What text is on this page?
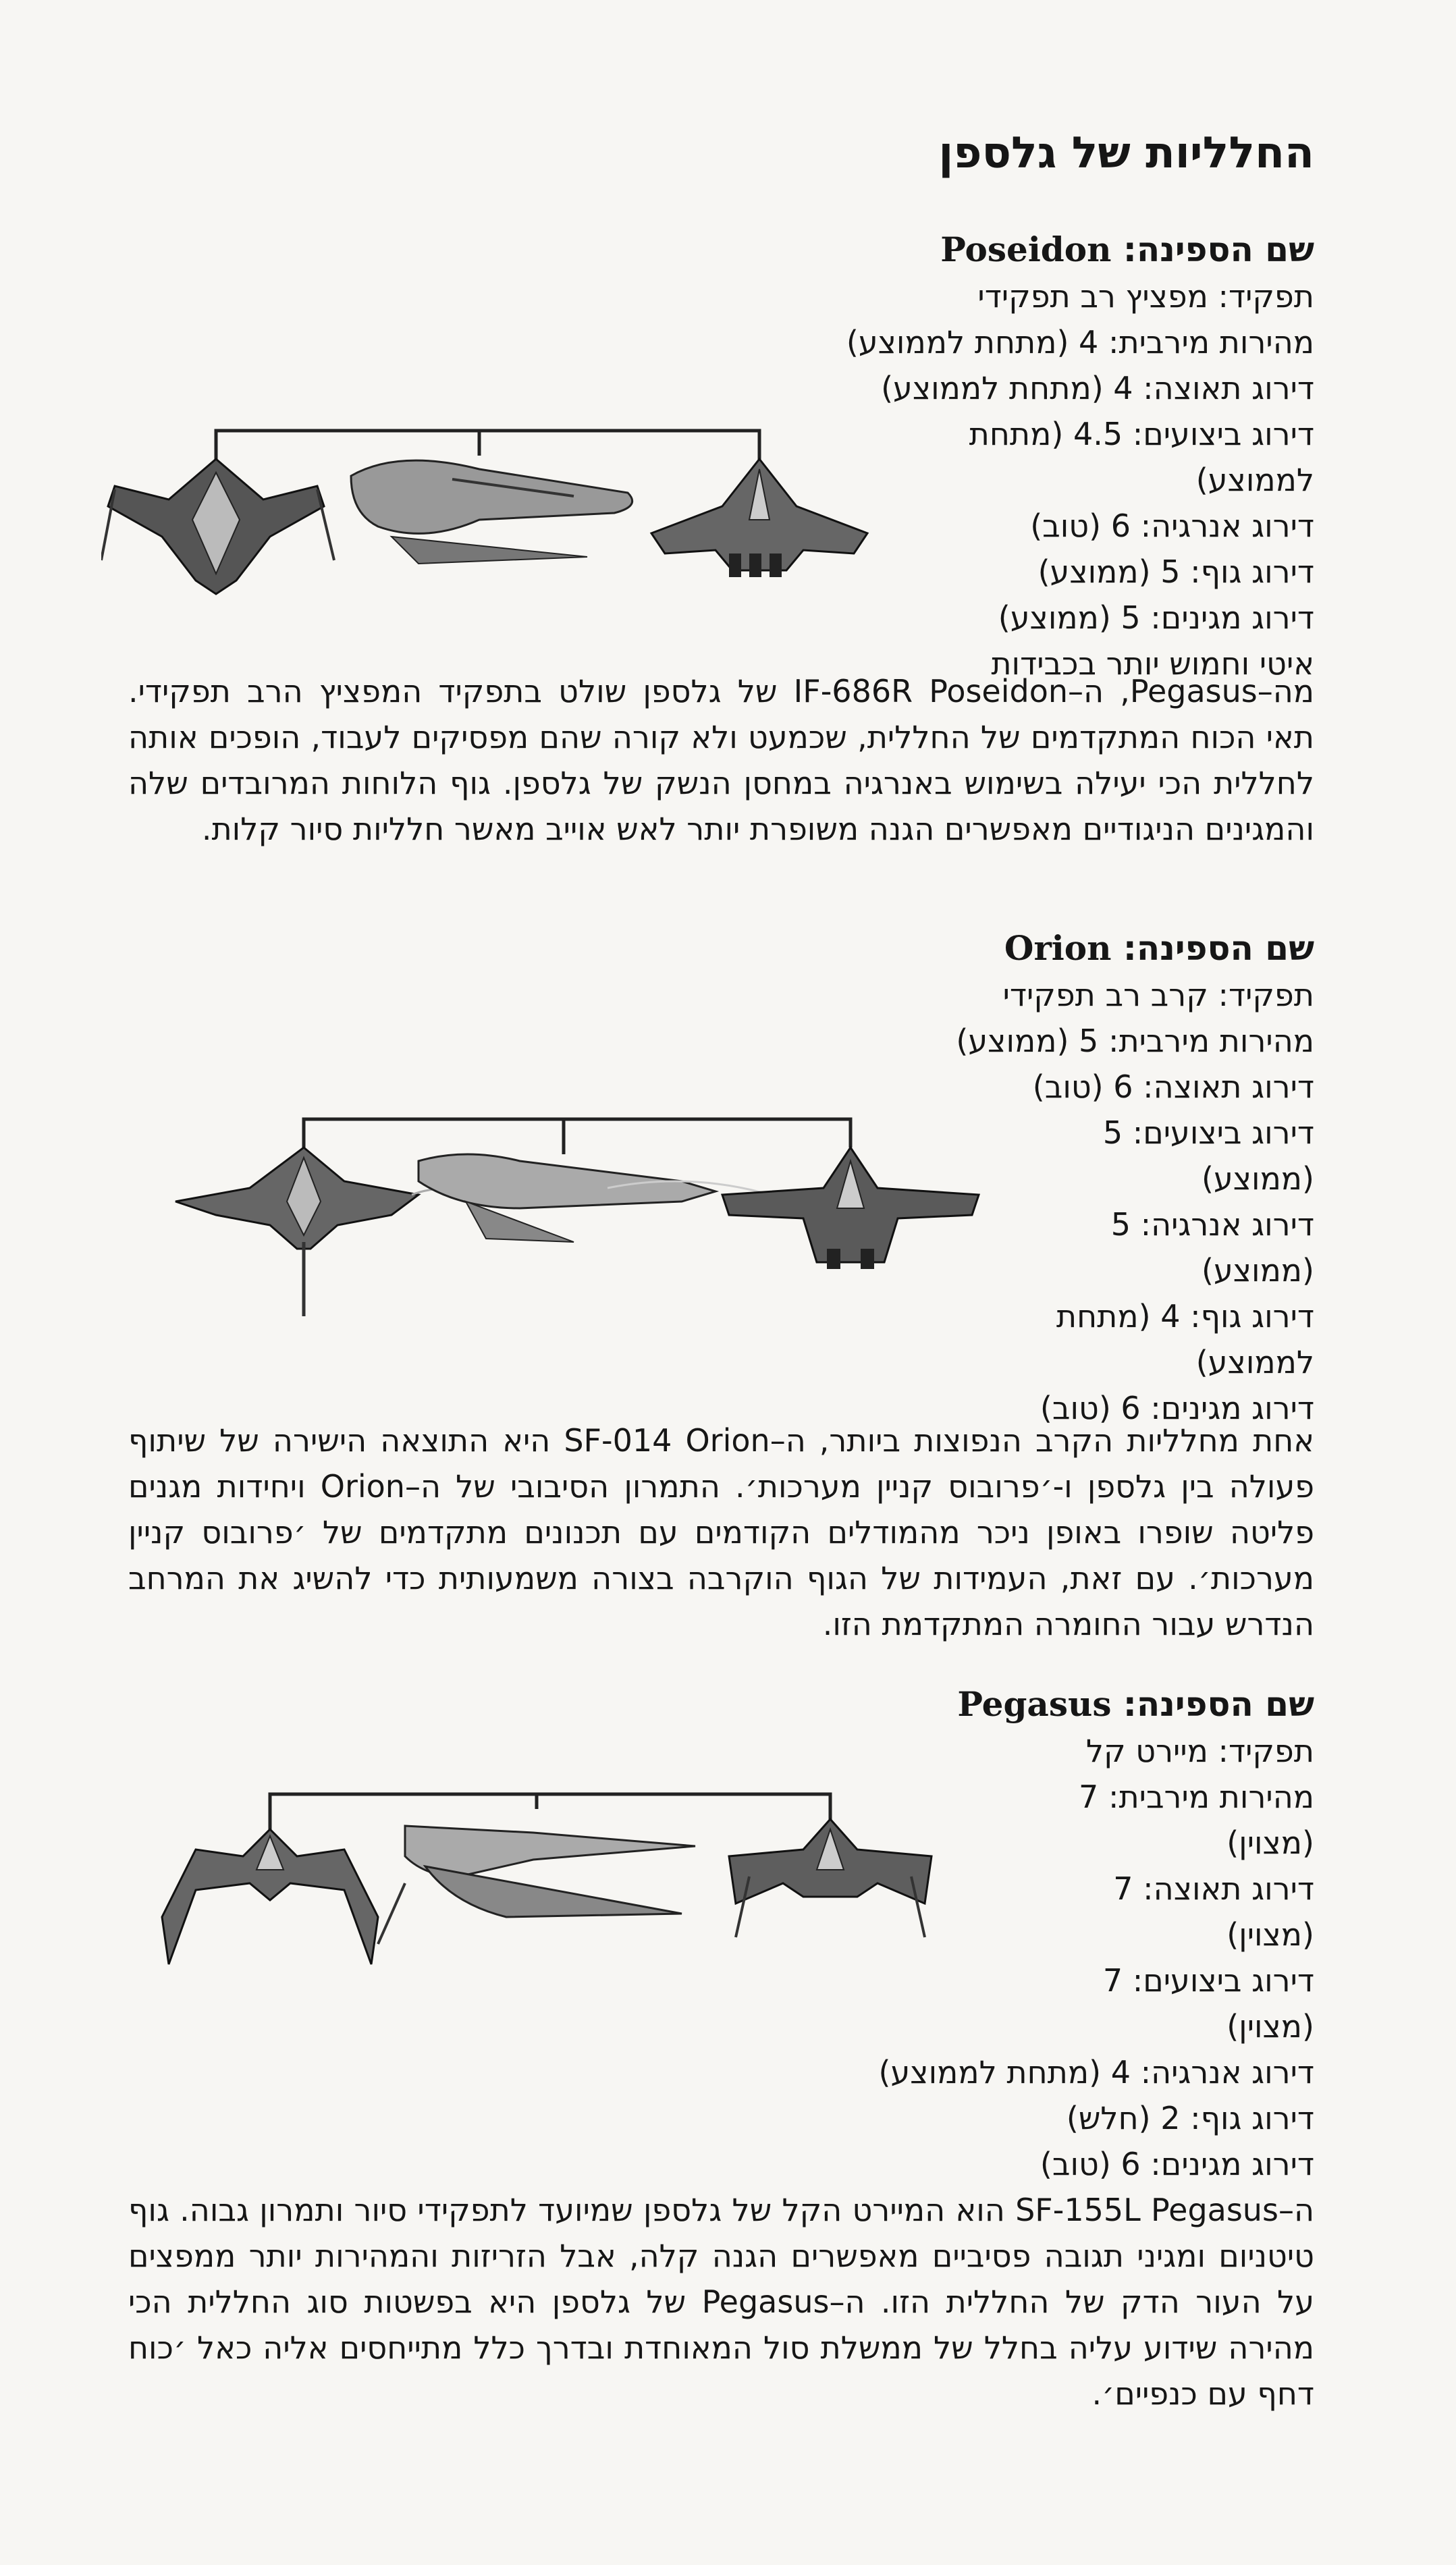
החלליות של גלספן
שם הספינה: Poseidon
תפקיד: מפציץ רב תפקידי
מהירות מירבית: 4 (מתחת לממוצע)
דירוג תאוצה: 4 (מתחת לממוצע)
דירוג ביצועים: 4.5 (מתחת
לממוצע)
דירוג אנרגיה: 6 (טוב)
דירוג גוף: 5 (ממוצע)
דירוג מגינים: 5 (ממוצע)
איטי וחמוש יותר בכבידות

מה–Pegasus, ה–IF-686R Poseidon של גלספן שולט בתפקיד המפציץ הרב תפקידי. תאי הכוח המתקדמים של החללית, שכמעט ולא קורה שהם מפסיקים לעבוד, הופכים אותה לחללית הכי יעילה בשימוש באנרגיה במחסן הנשק של גלספן. גוף הלוחות המרובדים שלה והמגינים הניגודיים מאפשרים הגנה משופרת יותר לאש אוייב מאשר חלליות סיור קלות.

שם הספינה: Orion
תפקיד: קרב רב תפקידי
מהירות מירבית: 5 (ממוצע)
דירוג תאוצה: 6 (טוב)
דירוג ביצועים: 5
(ממוצע)
דירוג אנרגיה: 5
(ממוצע)
דירוג גוף: 4 (מתחת
לממוצע)
דירוג מגינים: 6 (טוב)

אחת מחלליות הקרב הנפוצות ביותר, ה–SF-014 Orion היא התוצאה הישירה של שיתוף פעולה בין גלספן ו-׳פרובוס קניין מערכות׳. התמרון הסיבובי של ה–Orion ויחידות מגנים פליטה שופרו באופן ניכר מהמודלים הקודמים עם תכנונים מתקדמים של ׳פרובוס קניין מערכות׳. עם זאת, העמידות של הגוף הוקרבה בצורה משמעותית כדי להשיג את המרחב הנדרש עבור החומרה המתקדמת הזו.

שם הספינה: Pegasus
תפקיד: מיירט קל
מהירות מירבית: 7
(מצוין)
דירוג תאוצה: 7
(מצוין)
דירוג ביצועים: 7
(מצוין)
דירוג אנרגיה: 4 (מתחת לממוצע)
דירוג גוף: 2 (חלש)
דירוג מגינים: 6 (טוב)

ה–SF-155L Pegasus הוא המיירט הקל של גלספן שמיועד לתפקידי סיור ותמרון גבוה. גוף טיטניום ומגיני תגובה פסיביים מאפשרים הגנה קלה, אבל הזריזות והמהירות יותר ממפצים על העור הדק של החללית הזו. ה–Pegasus של גלספן היא בפשטות סוג החללית הכי מהירה שידוע עליה בחלל של ממשלת סול המאוחדת ובדרך כלל מתייחסים אליה כאל ׳כוח דחף עם כנפיים׳.
